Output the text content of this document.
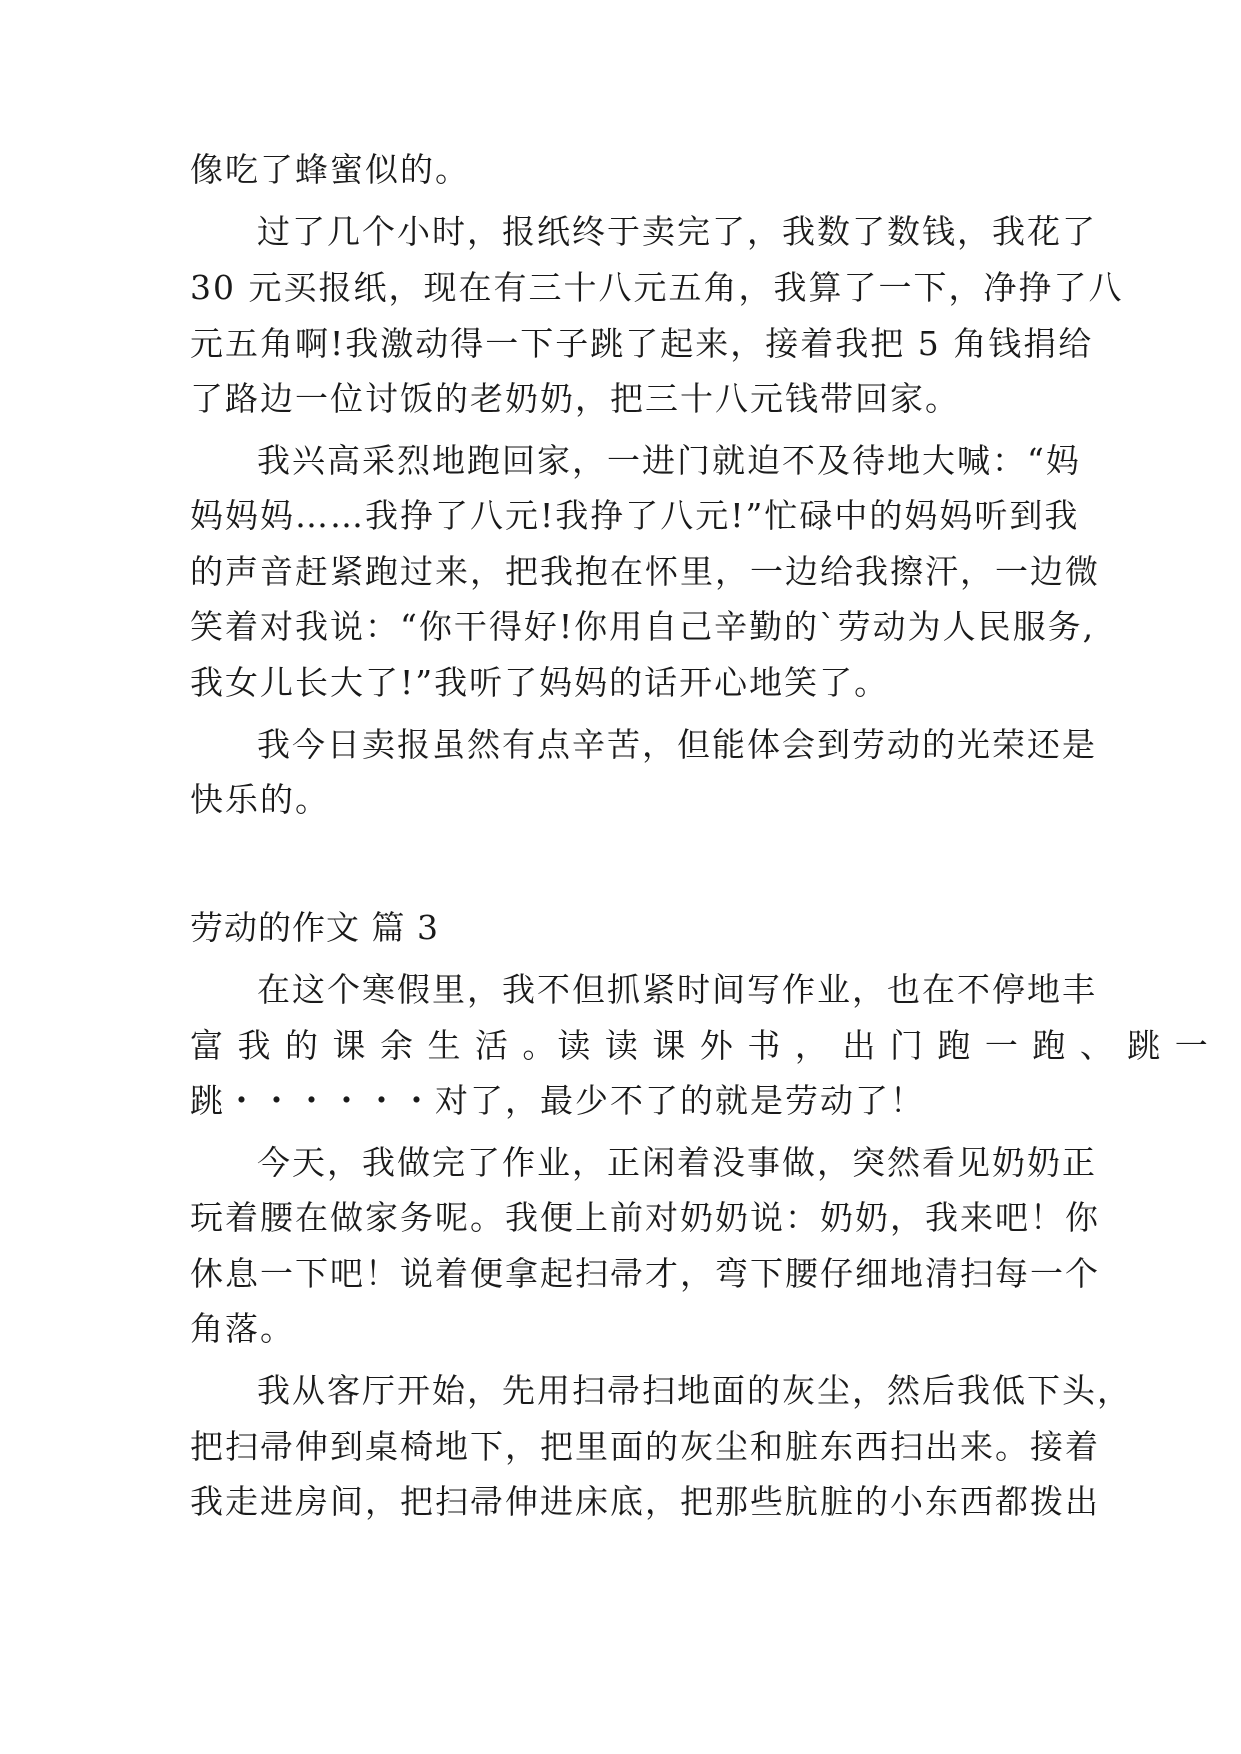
像吃了蜂蜜似的。
过了几个小时，报纸终于卖完了，我数了数钱，我花了
30 元买报纸，现在有三十八元五角，我算了一下，净挣了八
元五角啊!我激动得一下子跳了起来，接着我把 5 角钱捐给
了路边一位讨饭的老奶奶，把三十八元钱带回家。
我兴高采烈地跑回家，一进门就迫不及待地大喊：“妈
妈妈妈……我挣了八元!我挣了八元!”忙碌中的妈妈听到我
的声音赶紧跑过来，把我抱在怀里，一边给我擦汗，一边微
笑着对我说：“你干得好!你用自己辛勤的`劳动为人民服务,
我女儿长大了!”我听了妈妈的话开心地笑了。
我今日卖报虽然有点辛苦，但能体会到劳动的光荣还是
快乐的。
劳动的作文 篇 3
在这个寒假里，我不但抓紧时间写作业，也在不停地丰
富 我 的 课 余 生 活 。读 读 课 外 书 ， 出 门 跑 一 跑 、 跳 一
跳・・・・・・对了，最少不了的就是劳动了！
今天，我做完了作业，正闲着没事做，突然看见奶奶正
玩着腰在做家务呢。我便上前对奶奶说：奶奶，我来吧！你
休息一下吧！说着便拿起扫帚才，弯下腰仔细地清扫每一个
角落。
我从客厅开始，先用扫帚扫地面的灰尘，然后我低下头，
把扫帚伸到桌椅地下，把里面的灰尘和脏东西扫出来。接着
我走进房间，把扫帚伸进床底，把那些肮脏的小东西都拨出
